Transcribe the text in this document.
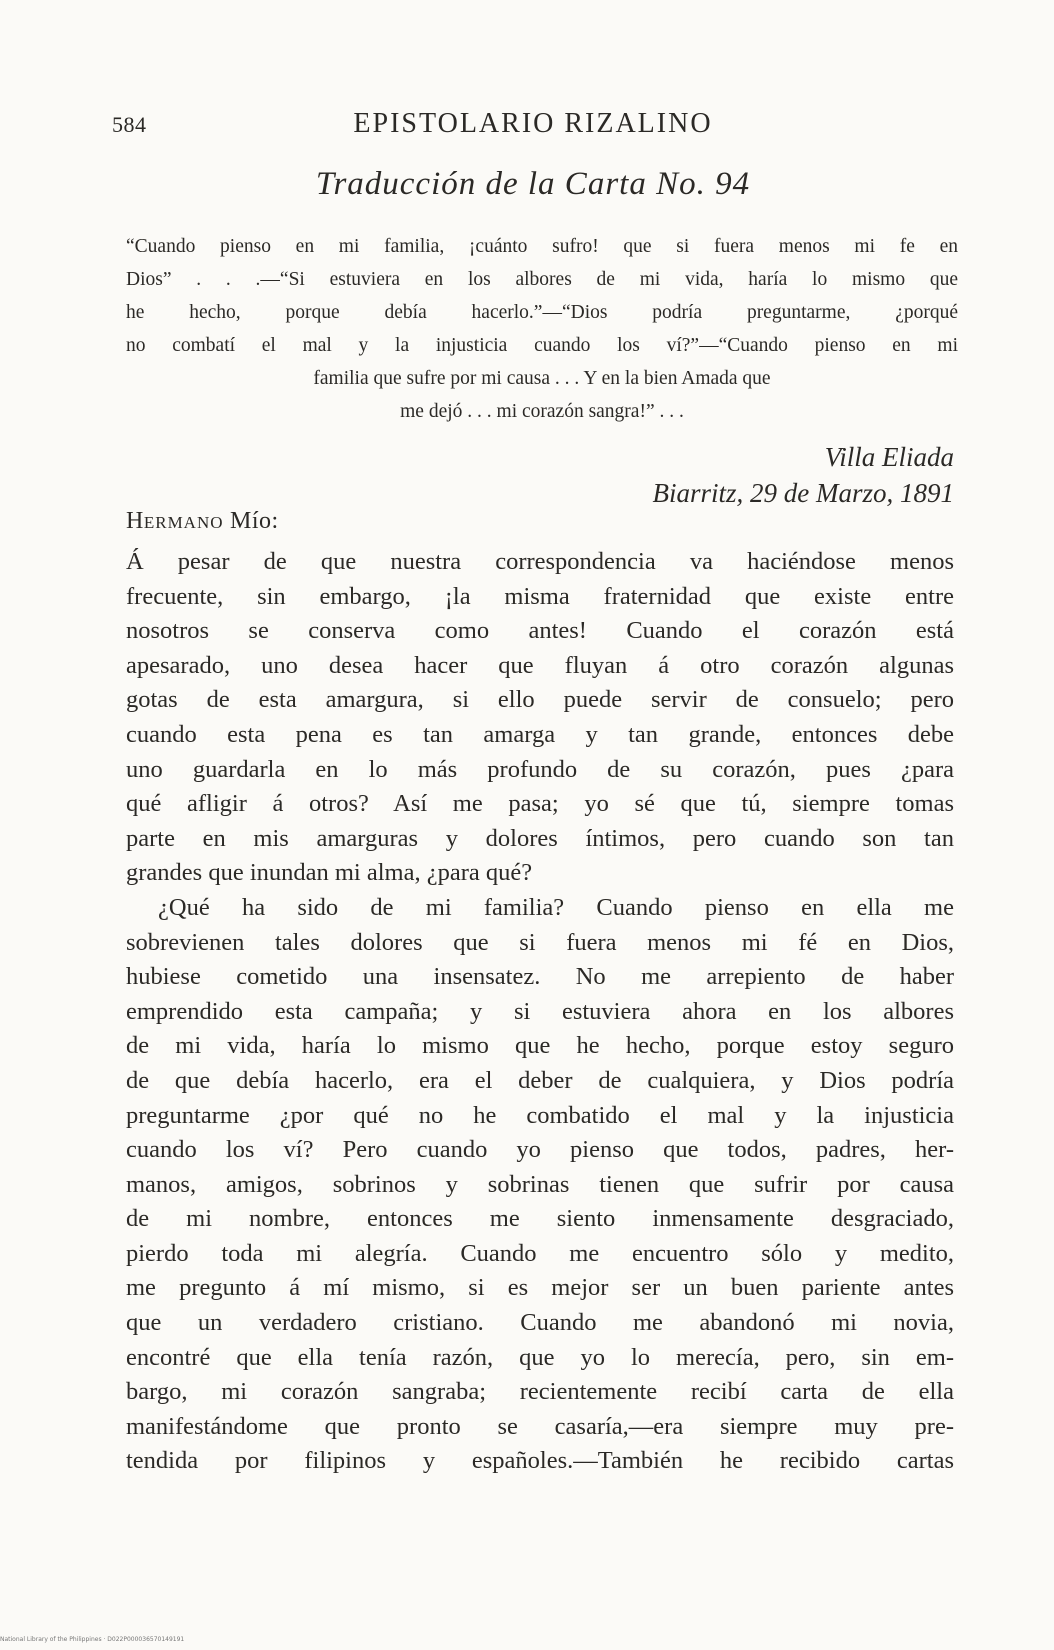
584	EPISTOLARIO RIZALINO
Traducción de la Carta No. 94
“Cuando pienso en mi familia, ¡cuánto sufro! que si fuera menos mi fe en
Dios” . . .—“Si estuviera en los albores de mi vida, haría lo mismo que
he hecho, porque debía hacerlo.”—“Dios podría preguntarme, ¿porqué
no combatí el mal y la injusticia cuando los ví?”—“Cuando pienso en mi
familia que sufre por mi causa . . . Y en la bien Amada que
me dejó . . . mi corazón sangra!” . . .
Villa Eliada
Biarritz, 29 de Marzo, 1891
HERMANO Mío:
Á pesar de que nuestra correspondencia va haciéndose menos
frecuente, sin embargo, ¡la misma fraternidad que existe entre
nosotros se conserva como antes! Cuando el corazón está
apesarado, uno desea hacer que fluyan á otro corazón algunas
gotas de esta amargura, si ello puede servir de consuelo; pero
cuando esta pena es tan amarga y tan grande, entonces debe
uno guardarla en lo más profundo de su corazón, pues ¿para
qué afligir á otros? Así me pasa; yo sé que tú, siempre tomas
parte en mis amarguras y dolores íntimos, pero cuando son tan
grandes que inundan mi alma, ¿para qué?
¿Qué ha sido de mi familia? Cuando pienso en ella me
sobrevienen tales dolores que si fuera menos mi fé en Dios,
hubiese cometido una insensatez. No me arrepiento de haber
emprendido esta campaña; y si estuviera ahora en los albores
de mi vida, haría lo mismo que he hecho, porque estoy seguro
de que debía hacerlo, era el deber de cualquiera, y Dios podría
preguntarme ¿por qué no he combatido el mal y la injusticia
cuando los ví? Pero cuando yo pienso que todos, padres, her-
manos, amigos, sobrinos y sobrinas tienen que sufrir por causa
de mi nombre, entonces me siento inmensamente desgraciado,
pierdo toda mi alegría. Cuando me encuentro sólo y medito,
me pregunto á mí mismo, si es mejor ser un buen pariente antes
que un verdadero cristiano. Cuando me abandonó mi novia,
encontré que ella tenía razón, que yo lo merecía, pero, sin em-
bargo, mi corazón sangraba; recientemente recibí carta de ella
manifestándome que pronto se casaría,—era siempre muy pre-
tendida por filipinos y españoles.—También he recibido cartas
National Library of the Philippines · D022P000036570149191
